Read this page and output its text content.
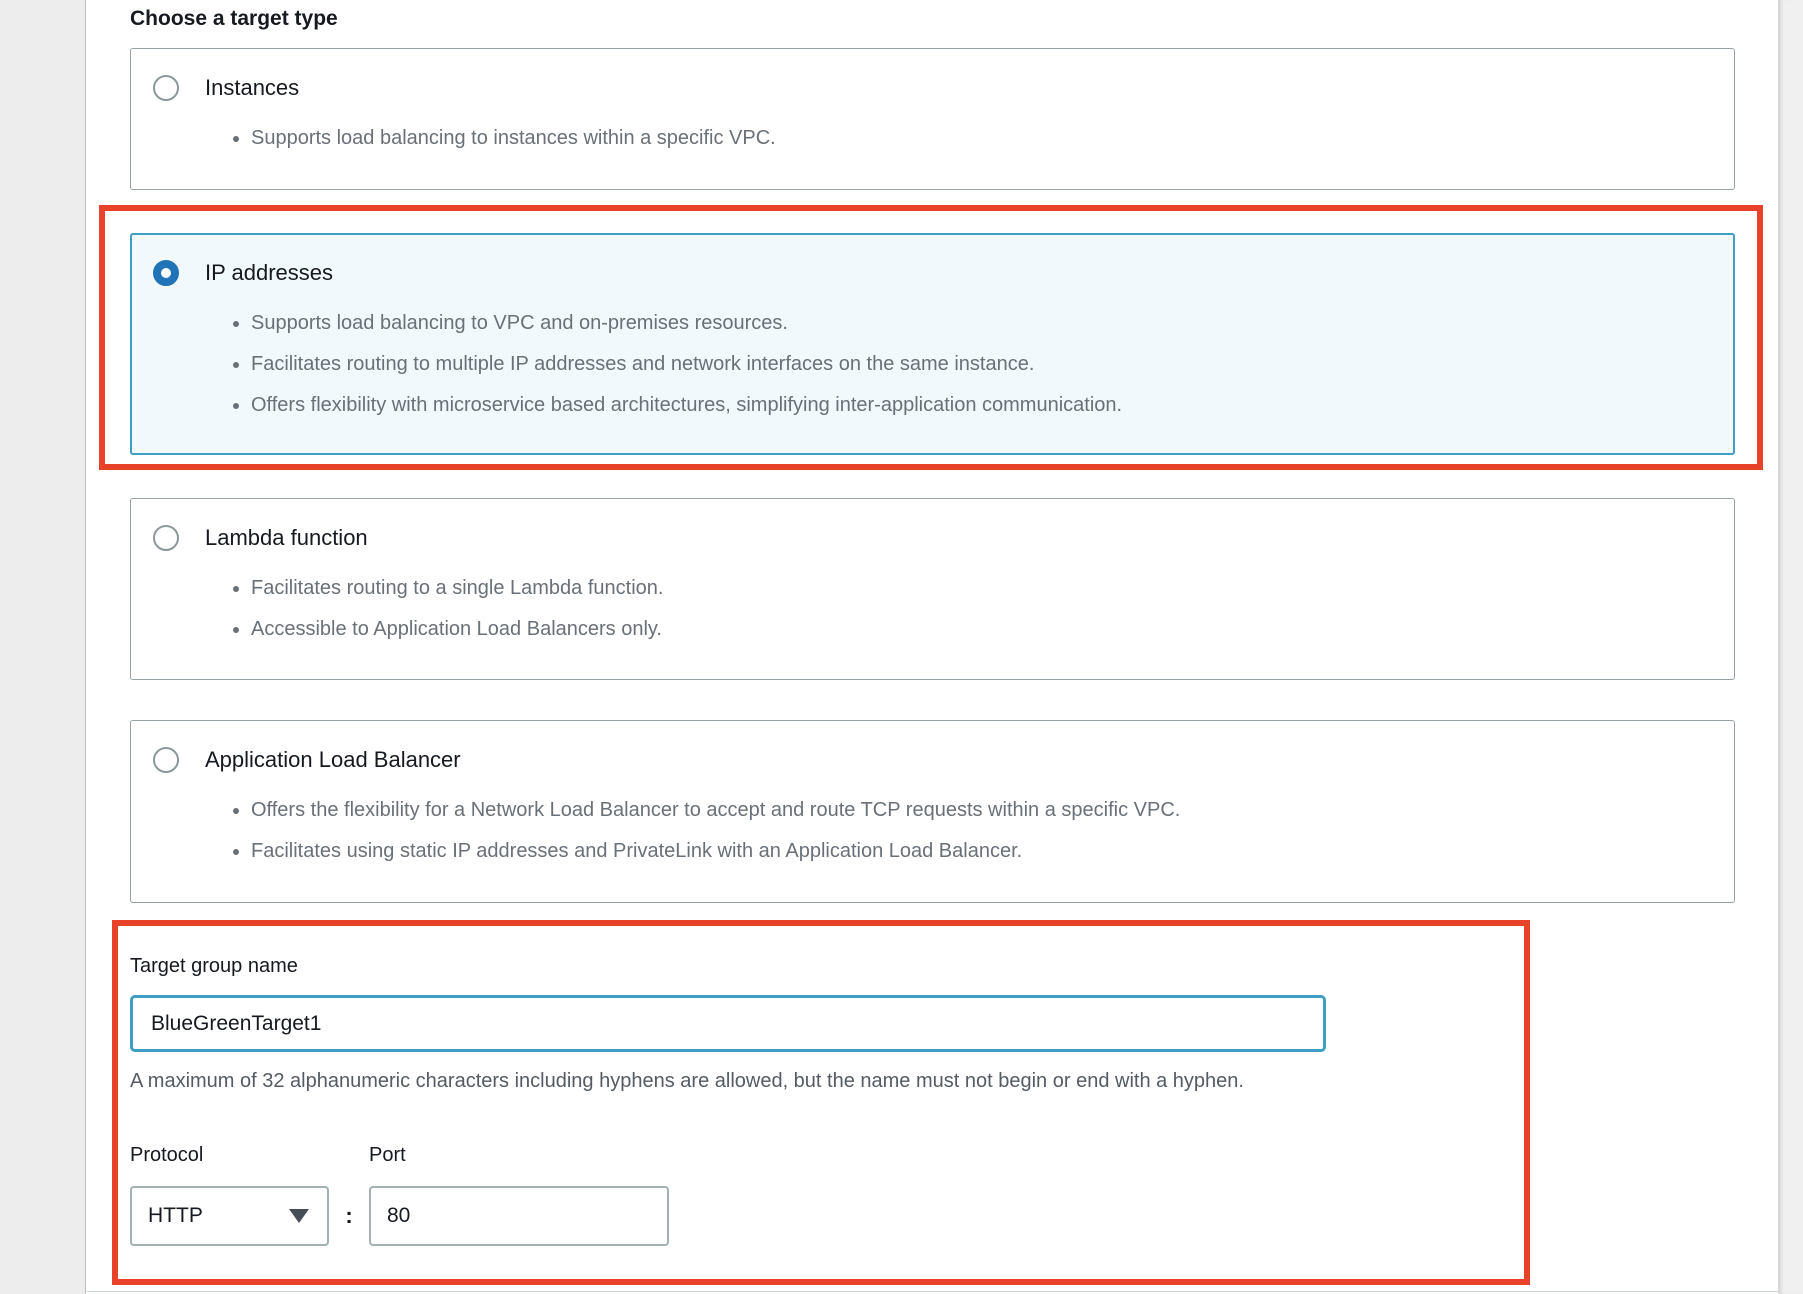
Choose a target type
Instances
• Supports load balancing to instances within a specific VPC.
IP addresses
• Supports load balancing to VPC and on-premises resources.
• Facilitates routing to multiple IP addresses and network interfaces on the same instance.
• Offers flexibility with microservice based architectures, simplifying inter-application communication.
Lambda function
• Facilitates routing to a single Lambda function.
• Accessible to Application Load Balancers only.
Application Load Balancer
• Offers the flexibility for a Network Load Balancer to accept and route TCP requests within a specific VPC.
• Facilitates using static IP addresses and PrivateLink with an Application Load Balancer.
Target group name
BlueGreenTarget1
A maximum of 32 alphanumeric characters including hyphens are allowed, but the name must not begin or end with a hyphen.
Protocol	Port
HTTP	:
80
